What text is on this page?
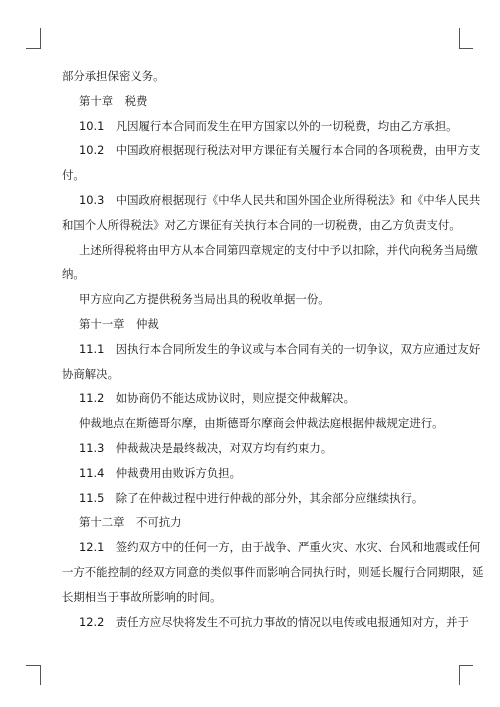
部分承担保密义务。
第十章　税费
10.1　凡因履行本合同而发生在甲方国家以外的一切税费，均由乙方承担。
10.2　中国政府根据现行税法对甲方课征有关履行本合同的各项税费，由甲方支
付。
10.3　中国政府根据现行《中华人民共和国外国企业所得税法》和《中华人民共
和国个人所得税法》对乙方课征有关执行本合同的一切税费，由乙方负责支付。
上述所得税将由甲方从本合同第四章规定的支付中予以扣除，并代向税务当局缴
纳。
甲方应向乙方提供税务当局出具的税收单据一份。
第十一章　仲裁
11.1　因执行本合同所发生的争议或与本合同有关的一切争议，双方应通过友好
协商解决。
11.2　如协商仍不能达成协议时，则应提交仲裁解决。
仲裁地点在斯德哥尔摩，由斯德哥尔摩商会仲裁法庭根据仲裁规定进行。
11.3　仲裁裁决是最终裁决，对双方均有约束力。
11.4　仲裁费用由败诉方负担。
11.5　除了在仲裁过程中进行仲裁的部分外，其余部分应继续执行。
第十二章　不可抗力
12.1　签约双方中的任何一方，由于战争、严重火灾、水灾、台风和地震或任何
一方不能控制的经双方同意的类似事件而影响合同执行时，则延长履行合同期限，延
长期相当于事故所影响的时间。
12.2　责任方应尽快将发生不可抗力事故的情况以电传或电报通知对方，并于
